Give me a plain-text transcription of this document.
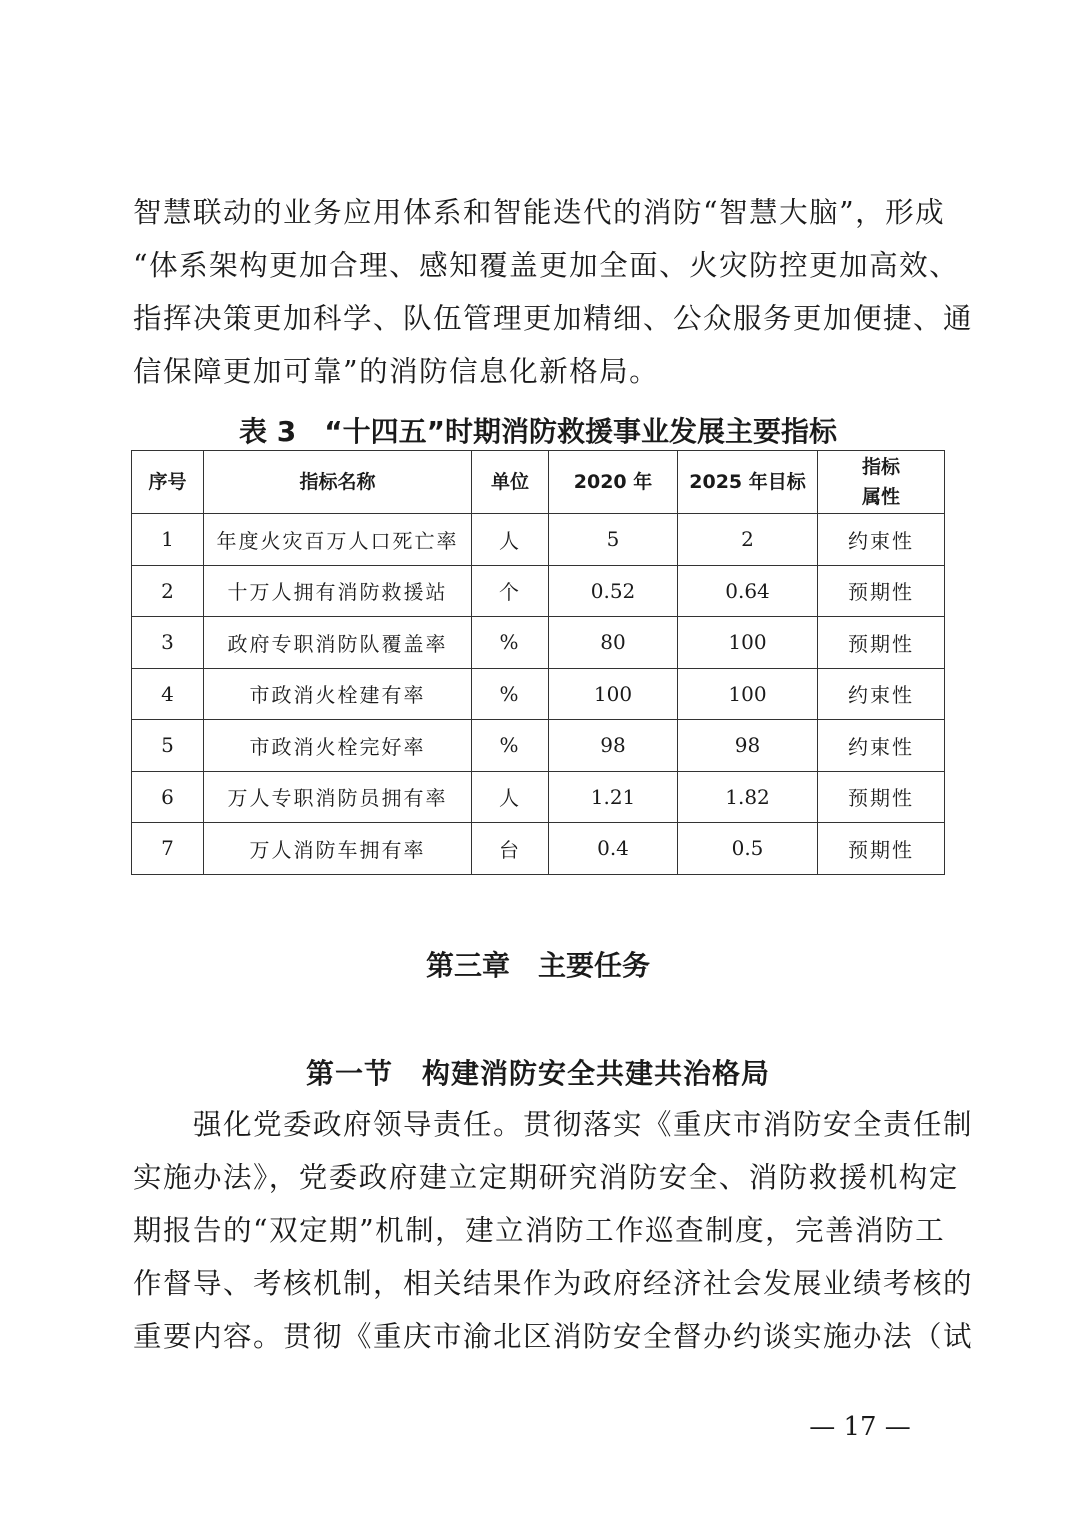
智慧联动的业务应用体系和智能迭代的消防“智慧大脑”，形成
“体系架构更加合理、感知覆盖更加全面、火灾防控更加高效、
指挥决策更加科学、队伍管理更加精细、公众服务更加便捷、通
信保障更加可靠”的消防信息化新格局。

表 3　“十四五”时期消防救援事业发展主要指标
序号	指标名称	单位	2020 年	2025 年目标	指标
属性
1	年度火灾百万人口死亡率	人	5	2	约束性
2	十万人拥有消防救援站	个	0.52	0.64	预期性
3	政府专职消防队覆盖率	%	80	100	预期性
4	市政消火栓建有率	%	100	100	约束性
5	市政消火栓完好率	%	98	98	约束性
6	万人专职消防员拥有率	人	1.21	1.82	预期性
7	万人消防车拥有率	台	0.4	0.5	预期性
第三章　主要任务
第一节　构建消防安全共建共治格局

　　强化党委政府领导责任。贯彻落实《重庆市消防安全责任制
实施办法》，党委政府建立定期研究消防安全、消防救援机构定
期报告的“双定期”机制，建立消防工作巡查制度，完善消防工
作督导、考核机制，相关结果作为政府经济社会发展业绩考核的
重要内容。贯彻《重庆市渝北区消防安全督办约谈实施办法（试

— 17 —
